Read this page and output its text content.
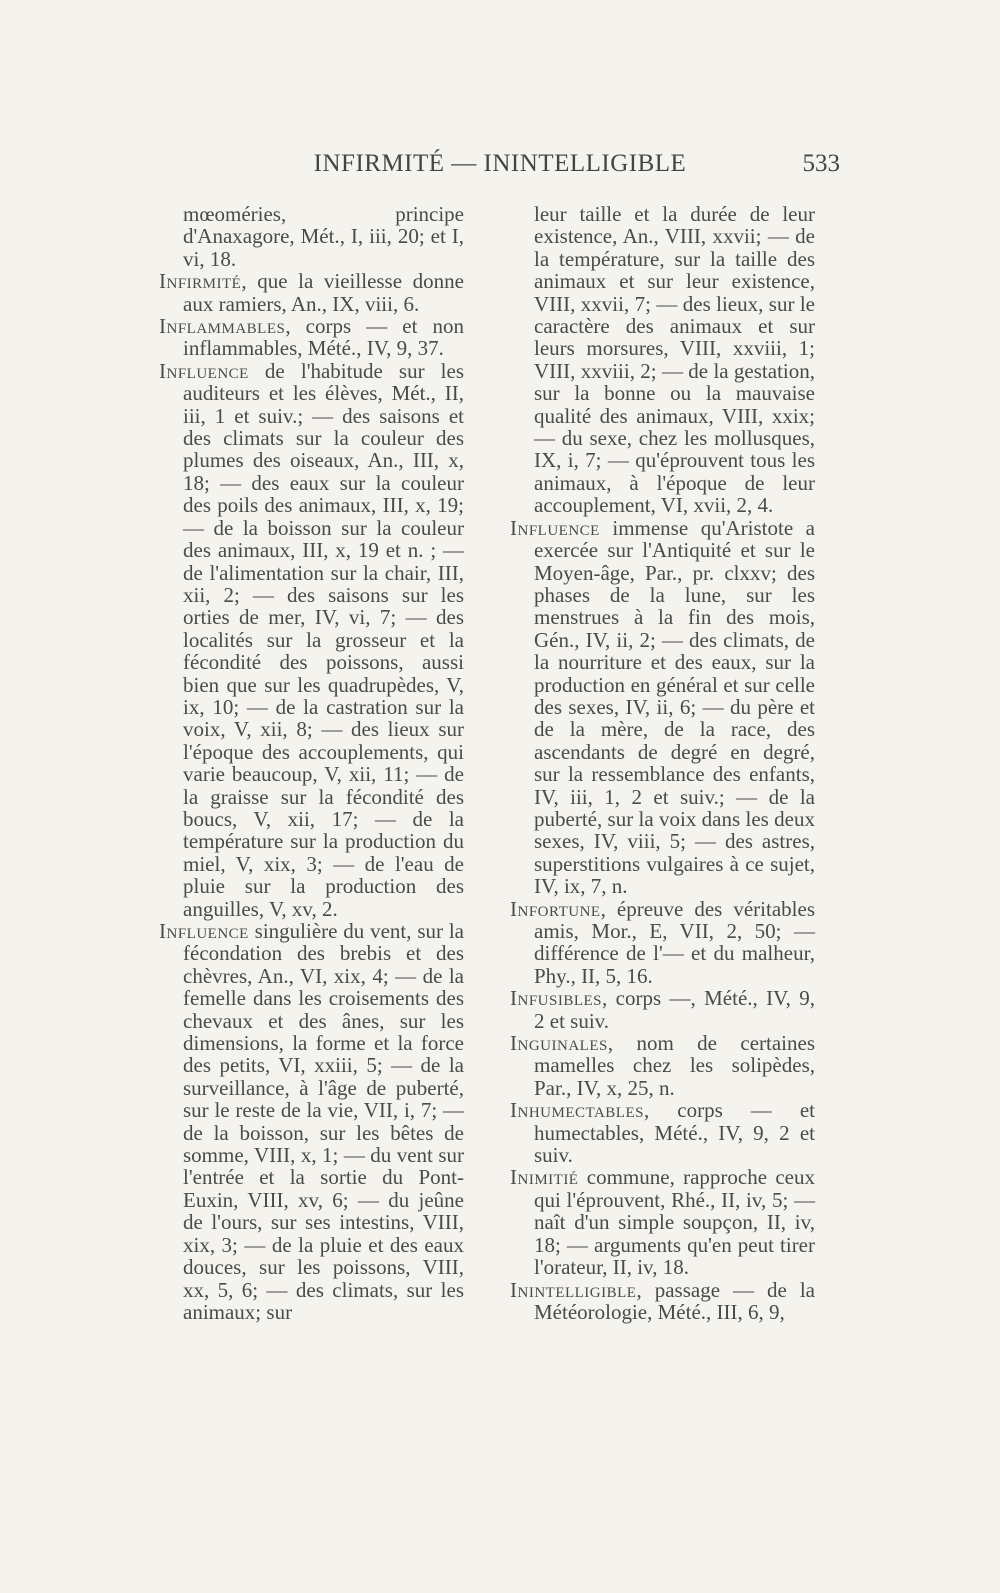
INFIRMITÉ — ININTELLIGIBLE	533

mœoméries, principe d'Anaxagore, Mét., I, iii, 20; et I, vi, 18.

Infirmité, que la vieillesse donne aux ramiers, An., IX, viii, 6.

Inflammables, corps — et non inflammables, Mété., IV, 9, 37.

Influence de l'habitude sur les auditeurs et les élèves, Mét., II, iii, 1 et suiv.; — des saisons et des climats sur la couleur des plumes des oiseaux, An., III, x, 18; — des eaux sur la couleur des poils des animaux, III, x, 19; — de la boisson sur la couleur des animaux, III, x, 19 et n. ; — de l'alimentation sur la chair, III, xii, 2; — des saisons sur les orties de mer, IV, vi, 7; — des localités sur la grosseur et la fécondité des poissons, aussi bien que sur les quadrupèdes, V, ix, 10; — de la castration sur la voix, V, xii, 8; — des lieux sur l'époque des accouplements, qui varie beaucoup, V, xii, 11; — de la graisse sur la fécondité des boucs, V, xii, 17; — de la température sur la production du miel, V, xix, 3; — de l'eau de pluie sur la production des anguilles, V, xv, 2.

Influence singulière du vent, sur la fécondation des brebis et des chèvres, An., VI, xix, 4; — de la femelle dans les croisements des chevaux et des ânes, sur les dimensions, la forme et la force des petits, VI, xxiii, 5; — de la surveillance, à l'âge de puberté, sur le reste de la vie, VII, i, 7; — de la boisson, sur les bêtes de somme, VIII, x, 1; — du vent sur l'entrée et la sortie du Pont-Euxin, VIII, xv, 6; — du jeûne de l'ours, sur ses intestins, VIII, xix, 3; — de la pluie et des eaux douces, sur les poissons, VIII, xx, 5, 6; — des climats, sur les animaux; sur

leur taille et la durée de leur existence, An., VIII, xxvii; — de la température, sur la taille des animaux et sur leur existence, VIII, xxvii, 7; — des lieux, sur le caractère des animaux et sur leurs morsures, VIII, xxviii, 1; VIII, xxviii, 2; — de la gestation, sur la bonne ou la mauvaise qualité des animaux, VIII, xxix; — du sexe, chez les mollusques, IX, i, 7; — qu'éprouvent tous les animaux, à l'époque de leur accouplement, VI, xvii, 2, 4.

Influence immense qu'Aristote a exercée sur l'Antiquité et sur le Moyen-âge, Par., pr. clxxv; des phases de la lune, sur les menstrues à la fin des mois, Gén., IV, ii, 2; — des climats, de la nourriture et des eaux, sur la production en général et sur celle des sexes, IV, ii, 6; — du père et de la mère, de la race, des ascendants de degré en degré, sur la ressemblance des enfants, IV, iii, 1, 2 et suiv.; — de la puberté, sur la voix dans les deux sexes, IV, viii, 5; — des astres, superstitions vulgaires à ce sujet, IV, ix, 7, n.

Infortune, épreuve des véritables amis, Mor., E, VII, 2, 50; — différence de l'— et du malheur, Phy., II, 5, 16.

Infusibles, corps —, Mété., IV, 9, 2 et suiv.

Inguinales, nom de certaines mamelles chez les solipèdes, Par., IV, x, 25, n.

Inhumectables, corps — et humectables, Mété., IV, 9, 2 et suiv.

Inimitié commune, rapproche ceux qui l'éprouvent, Rhé., II, iv, 5; — naît d'un simple soupçon, II, iv, 18; — arguments qu'en peut tirer l'orateur, II, iv, 18.

Inintelligible, passage — de la Météorologie, Mété., III, 6, 9,
